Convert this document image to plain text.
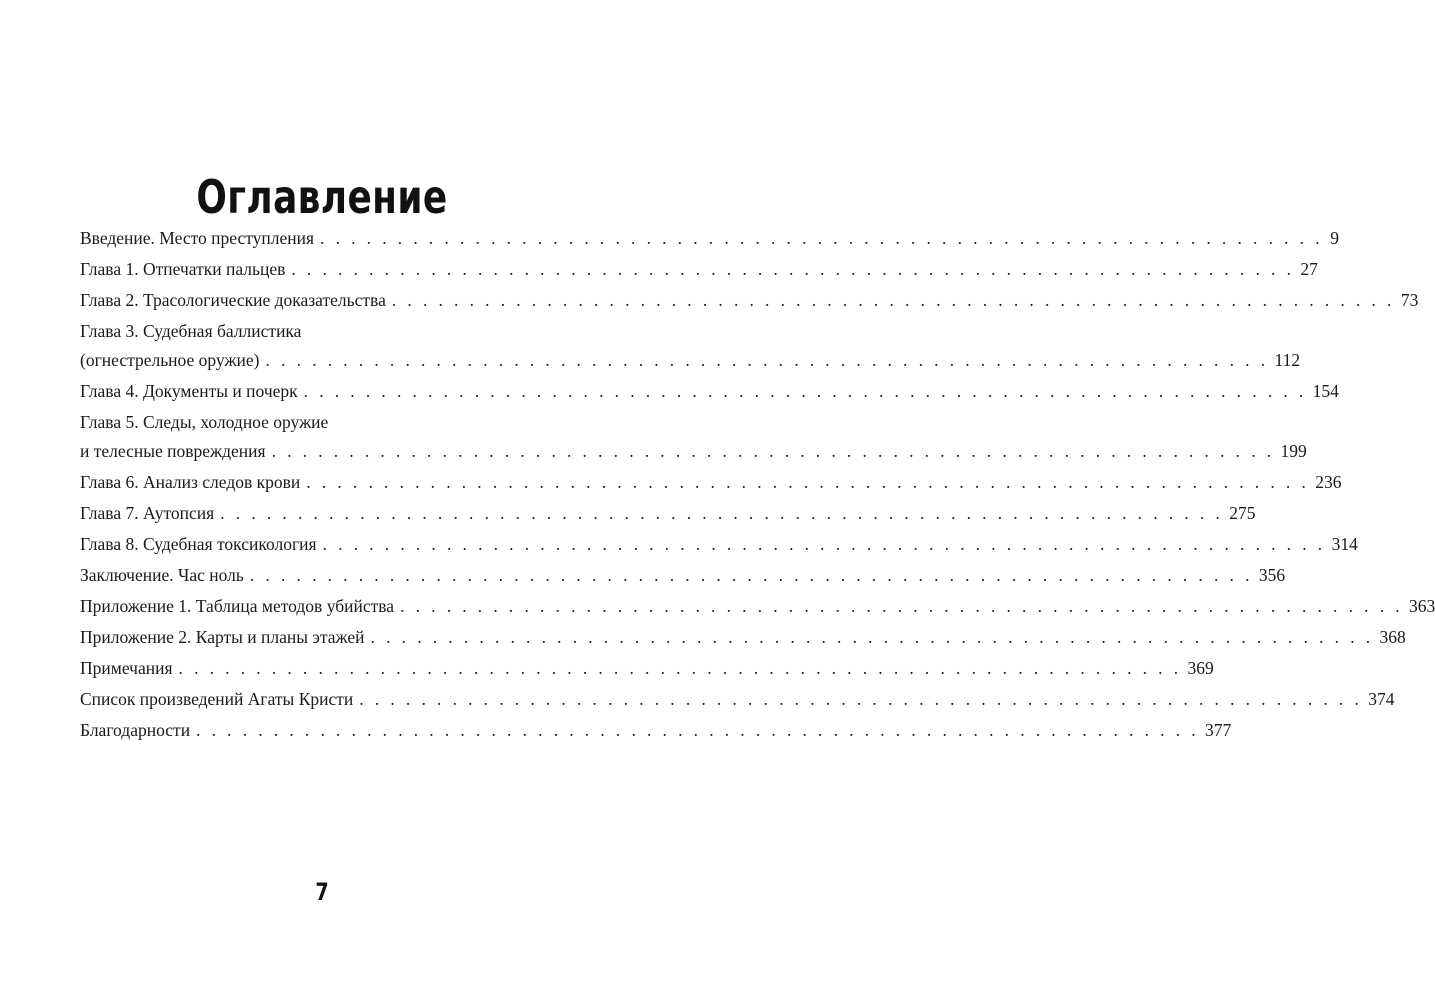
Оглавление
Введение. Место преступления . . . . . . . . . . . . . . . . . . . . . . . . . . . . . . . . . . . . . . . . . . . . . . . . . . . . . . . . . . . . . . . . . 9
Глава 1. Отпечатки пальцев . . . . . . . . . . . . . . . . . . . . . . . . . . . . . . . . . . . . . . . . . . . . . . . . . . . . . . . . . . . . . . . . . 27
Глава 2. Трасологические доказательства . . . . . . . . . . . . . . . . . . . . . . . . . . . . . . . . . . . . . . . . . . . . . . . . . . . . . . . . . . . . . . . . . 73
Глава 3. Судебная баллистика
(огнестрельное оружие) . . . . . . . . . . . . . . . . . . . . . . . . . . . . . . . . . . . . . . . . . . . . . . . . . . . . . . . . . . . . . . . . . 112
Глава 4. Документы и почерк . . . . . . . . . . . . . . . . . . . . . . . . . . . . . . . . . . . . . . . . . . . . . . . . . . . . . . . . . . . . . . . . . 154
Глава 5. Следы, холодное оружие
и телесные повреждения . . . . . . . . . . . . . . . . . . . . . . . . . . . . . . . . . . . . . . . . . . . . . . . . . . . . . . . . . . . . . . . . . 199
Глава 6. Анализ следов крови . . . . . . . . . . . . . . . . . . . . . . . . . . . . . . . . . . . . . . . . . . . . . . . . . . . . . . . . . . . . . . . . . 236
Глава 7. Аутопсия . . . . . . . . . . . . . . . . . . . . . . . . . . . . . . . . . . . . . . . . . . . . . . . . . . . . . . . . . . . . . . . . . 275
Глава 8. Судебная токсикология . . . . . . . . . . . . . . . . . . . . . . . . . . . . . . . . . . . . . . . . . . . . . . . . . . . . . . . . . . . . . . . . . 314
Заключение. Час ноль . . . . . . . . . . . . . . . . . . . . . . . . . . . . . . . . . . . . . . . . . . . . . . . . . . . . . . . . . . . . . . . . . 356
Приложение 1. Таблица методов убийства . . . . . . . . . . . . . . . . . . . . . . . . . . . . . . . . . . . . . . . . . . . . . . . . . . . . . . . . . . . . . . . . . 363
Приложение 2. Карты и планы этажей . . . . . . . . . . . . . . . . . . . . . . . . . . . . . . . . . . . . . . . . . . . . . . . . . . . . . . . . . . . . . . . . . 368
Примечания . . . . . . . . . . . . . . . . . . . . . . . . . . . . . . . . . . . . . . . . . . . . . . . . . . . . . . . . . . . . . . . . . 369
Список произведений Агаты Кристи . . . . . . . . . . . . . . . . . . . . . . . . . . . . . . . . . . . . . . . . . . . . . . . . . . . . . . . . . . . . . . . . . 374
Благодарности . . . . . . . . . . . . . . . . . . . . . . . . . . . . . . . . . . . . . . . . . . . . . . . . . . . . . . . . . . . . . . . . . 377
7
